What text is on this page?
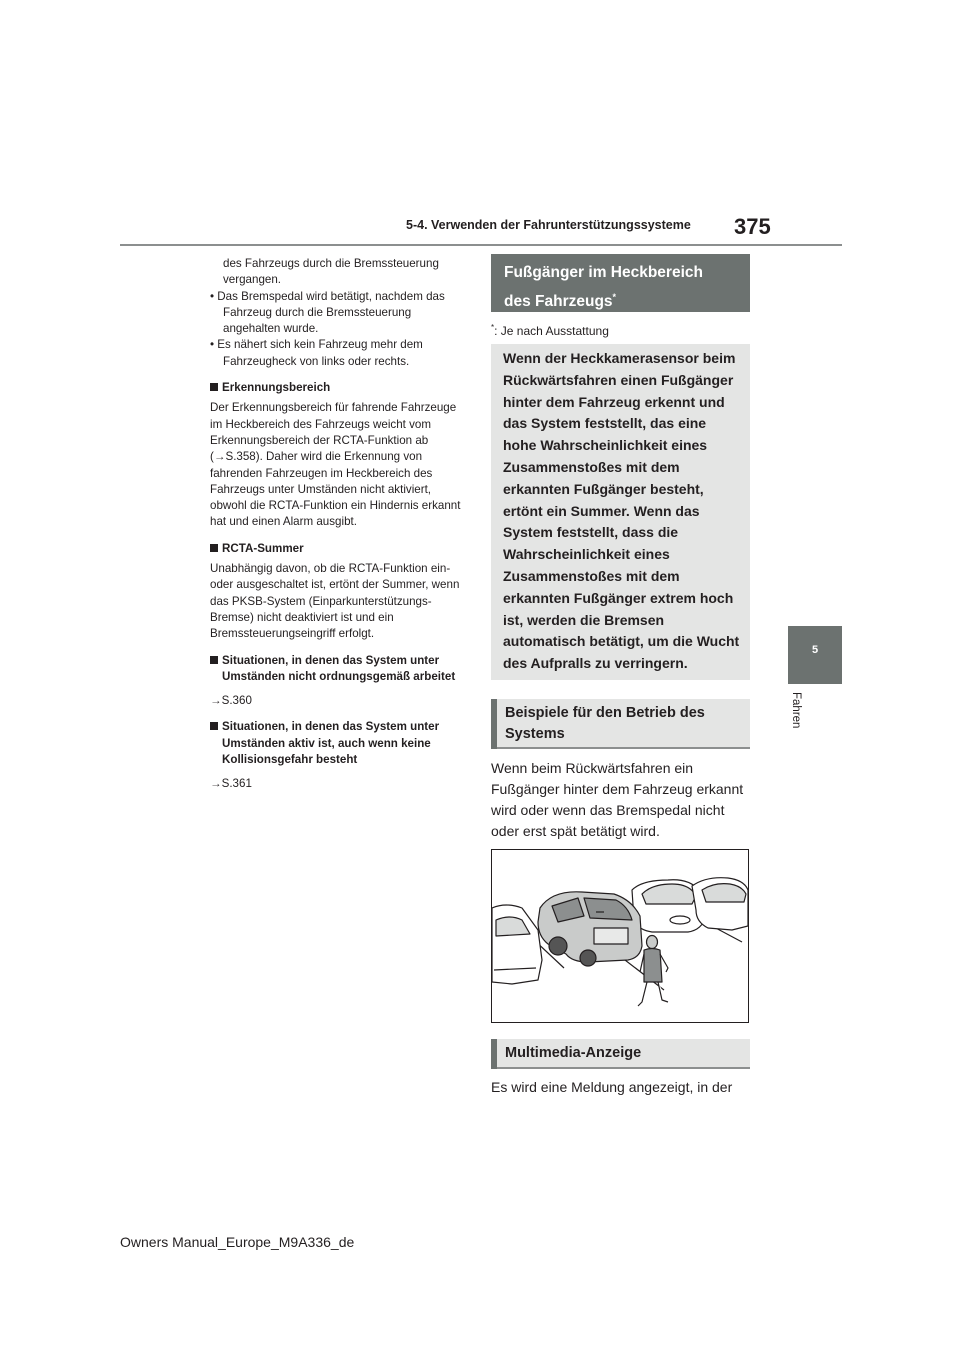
5-4. Verwenden der Fahrunterstützungssysteme 375
5
Fahren
des Fahrzeugs durch die Bremssteuerung vergangen.
• Das Bremspedal wird betätigt, nachdem das Fahrzeug durch die Bremssteuerung angehalten wurde.
• Es nähert sich kein Fahrzeug mehr dem Fahrzeugheck von links oder rechts.
Erkennungsbereich
Der Erkennungsbereich für fahrende Fahrzeuge im Heckbereich des Fahrzeugs weicht vom Erkennungsbereich der RCTA-Funktion ab (→S.358). Daher wird die Erkennung von fahrenden Fahrzeugen im Heckbereich des Fahrzeugs unter Umständen nicht aktiviert, obwohl die RCTA-Funktion ein Hindernis erkannt hat und einen Alarm ausgibt.
RCTA-Summer
Unabhängig davon, ob die RCTA-Funktion ein- oder ausgeschaltet ist, ertönt der Summer, wenn das PKSB-System (Einparkunterstützungs-Bremse) nicht deaktiviert ist und ein Bremssteuerungseingriff erfolgt.
Situationen, in denen das System unter Umständen nicht ordnungsgemäß arbeitet
→S.360
Situationen, in denen das System unter Umständen aktiv ist, auch wenn keine Kollisionsgefahr besteht
→S.361
Fußgänger im Heckbereich
des Fahrzeugs*
*: Je nach Ausstattung
Wenn der Heckkamerasensor beim Rückwärtsfahren einen Fußgänger hinter dem Fahrzeug erkennt und das System feststellt, das eine hohe Wahrscheinlichkeit eines Zusammenstoßes mit dem erkannten Fußgänger besteht, ertönt ein Summer. Wenn das System feststellt, dass die Wahrscheinlichkeit eines Zusammenstoßes mit dem erkannten Fußgänger extrem hoch ist, werden die Bremsen automatisch betätigt, um die Wucht des Aufpralls zu verringern.
Beispiele für den Betrieb des Systems
Wenn beim Rückwärtsfahren ein Fußgänger hinter dem Fahrzeug erkannt wird oder wenn das Bremspedal nicht oder erst spät betätigt wird.
Multimedia-Anzeige
Es wird eine Meldung angezeigt, in der
Owners Manual_Europe_M9A336_de
